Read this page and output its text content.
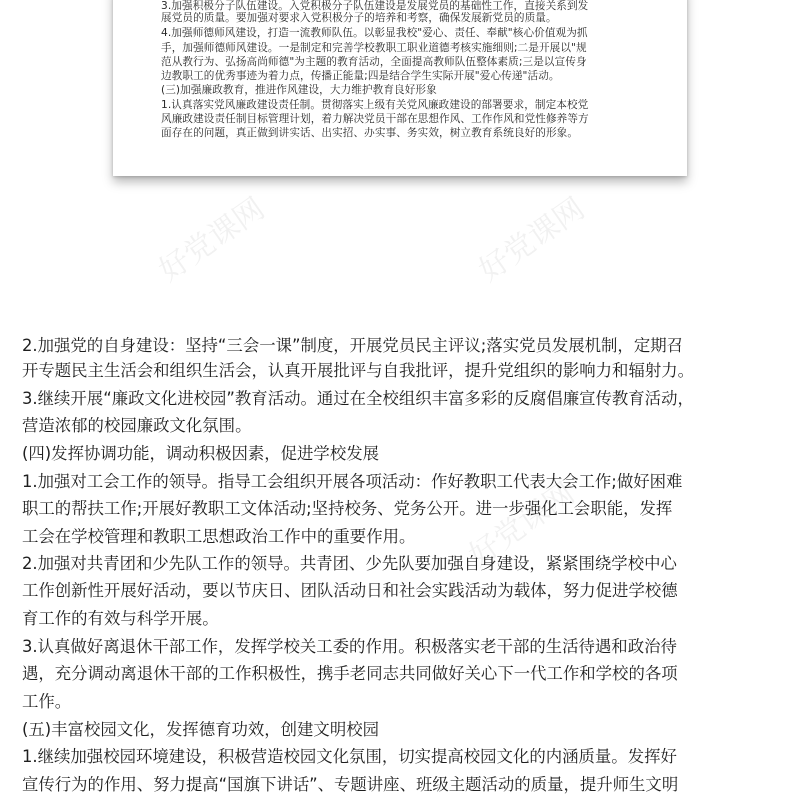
3.加强积极分子队伍建设。入党积极分子队伍建设是发展党员的基础性工作，直接关系到发
展党员的质量。要加强对要求入党积极分子的培养和考察，确保发展新党员的质量。
4.加强师德师风建设，打造一流教师队伍。以彰显我校"爱心、责任、奉献"核心价值观为抓
手，加强师德师风建设。一是制定和完善学校教职工职业道德考核实施细则;二是开展以"规
范从教行为、弘扬高尚师德"为主题的教育活动，全面提高教师队伍整体素质;三是以宣传身
边教职工的优秀事迹为着力点，传播正能量;四是结合学生实际开展"爱心传递"活动。
(三)加强廉政教育，推进作风建设，大力维护教育良好形象
1.认真落实党风廉政建设责任制。贯彻落实上级有关党风廉政建设的部署要求，制定本校党
风廉政建设责任制目标管理计划，着力解决党员干部在思想作风、工作作风和党性修养等方
面存在的问题，真正做到讲实话、出实招、办实事、务实效，树立教育系统良好的形象。
好党课网	好党课网
好党课网
2.加强党的自身建设：坚持“三会一课”制度，开展党员民主评议;落实党员发展机制，定期召
开专题民主生活会和组织生活会，认真开展批评与自我批评，提升党组织的影响力和辐射力。
3.继续开展“廉政文化进校园”教育活动。通过在全校组织丰富多彩的反腐倡廉宣传教育活动，
营造浓郁的校园廉政文化氛围。
(四)发挥协调功能，调动积极因素，促进学校发展
1.加强对工会工作的领导。指导工会组织开展各项活动：作好教职工代表大会工作;做好困难
职工的帮扶工作;开展好教职工文体活动;坚持校务、党务公开。进一步强化工会职能，发挥
工会在学校管理和教职工思想政治工作中的重要作用。
2.加强对共青团和少先队工作的领导。共青团、少先队要加强自身建设，紧紧围绕学校中心
工作创新性开展好活动，要以节庆日、团队活动日和社会实践活动为载体，努力促进学校德
育工作的有效与科学开展。
3.认真做好离退休干部工作，发挥学校关工委的作用。积极落实老干部的生活待遇和政治待
遇，充分调动离退休干部的工作积极性，携手老同志共同做好关心下一代工作和学校的各项
工作。
(五)丰富校园文化，发挥德育功效，创建文明校园
1.继续加强校园环境建设，积极营造校园文化氛围，切实提高校园文化的内涵质量。发挥好
宣传行为的作用、努力提高“国旗下讲话”、专题讲座、班级主题活动的质量，提升师生文明
